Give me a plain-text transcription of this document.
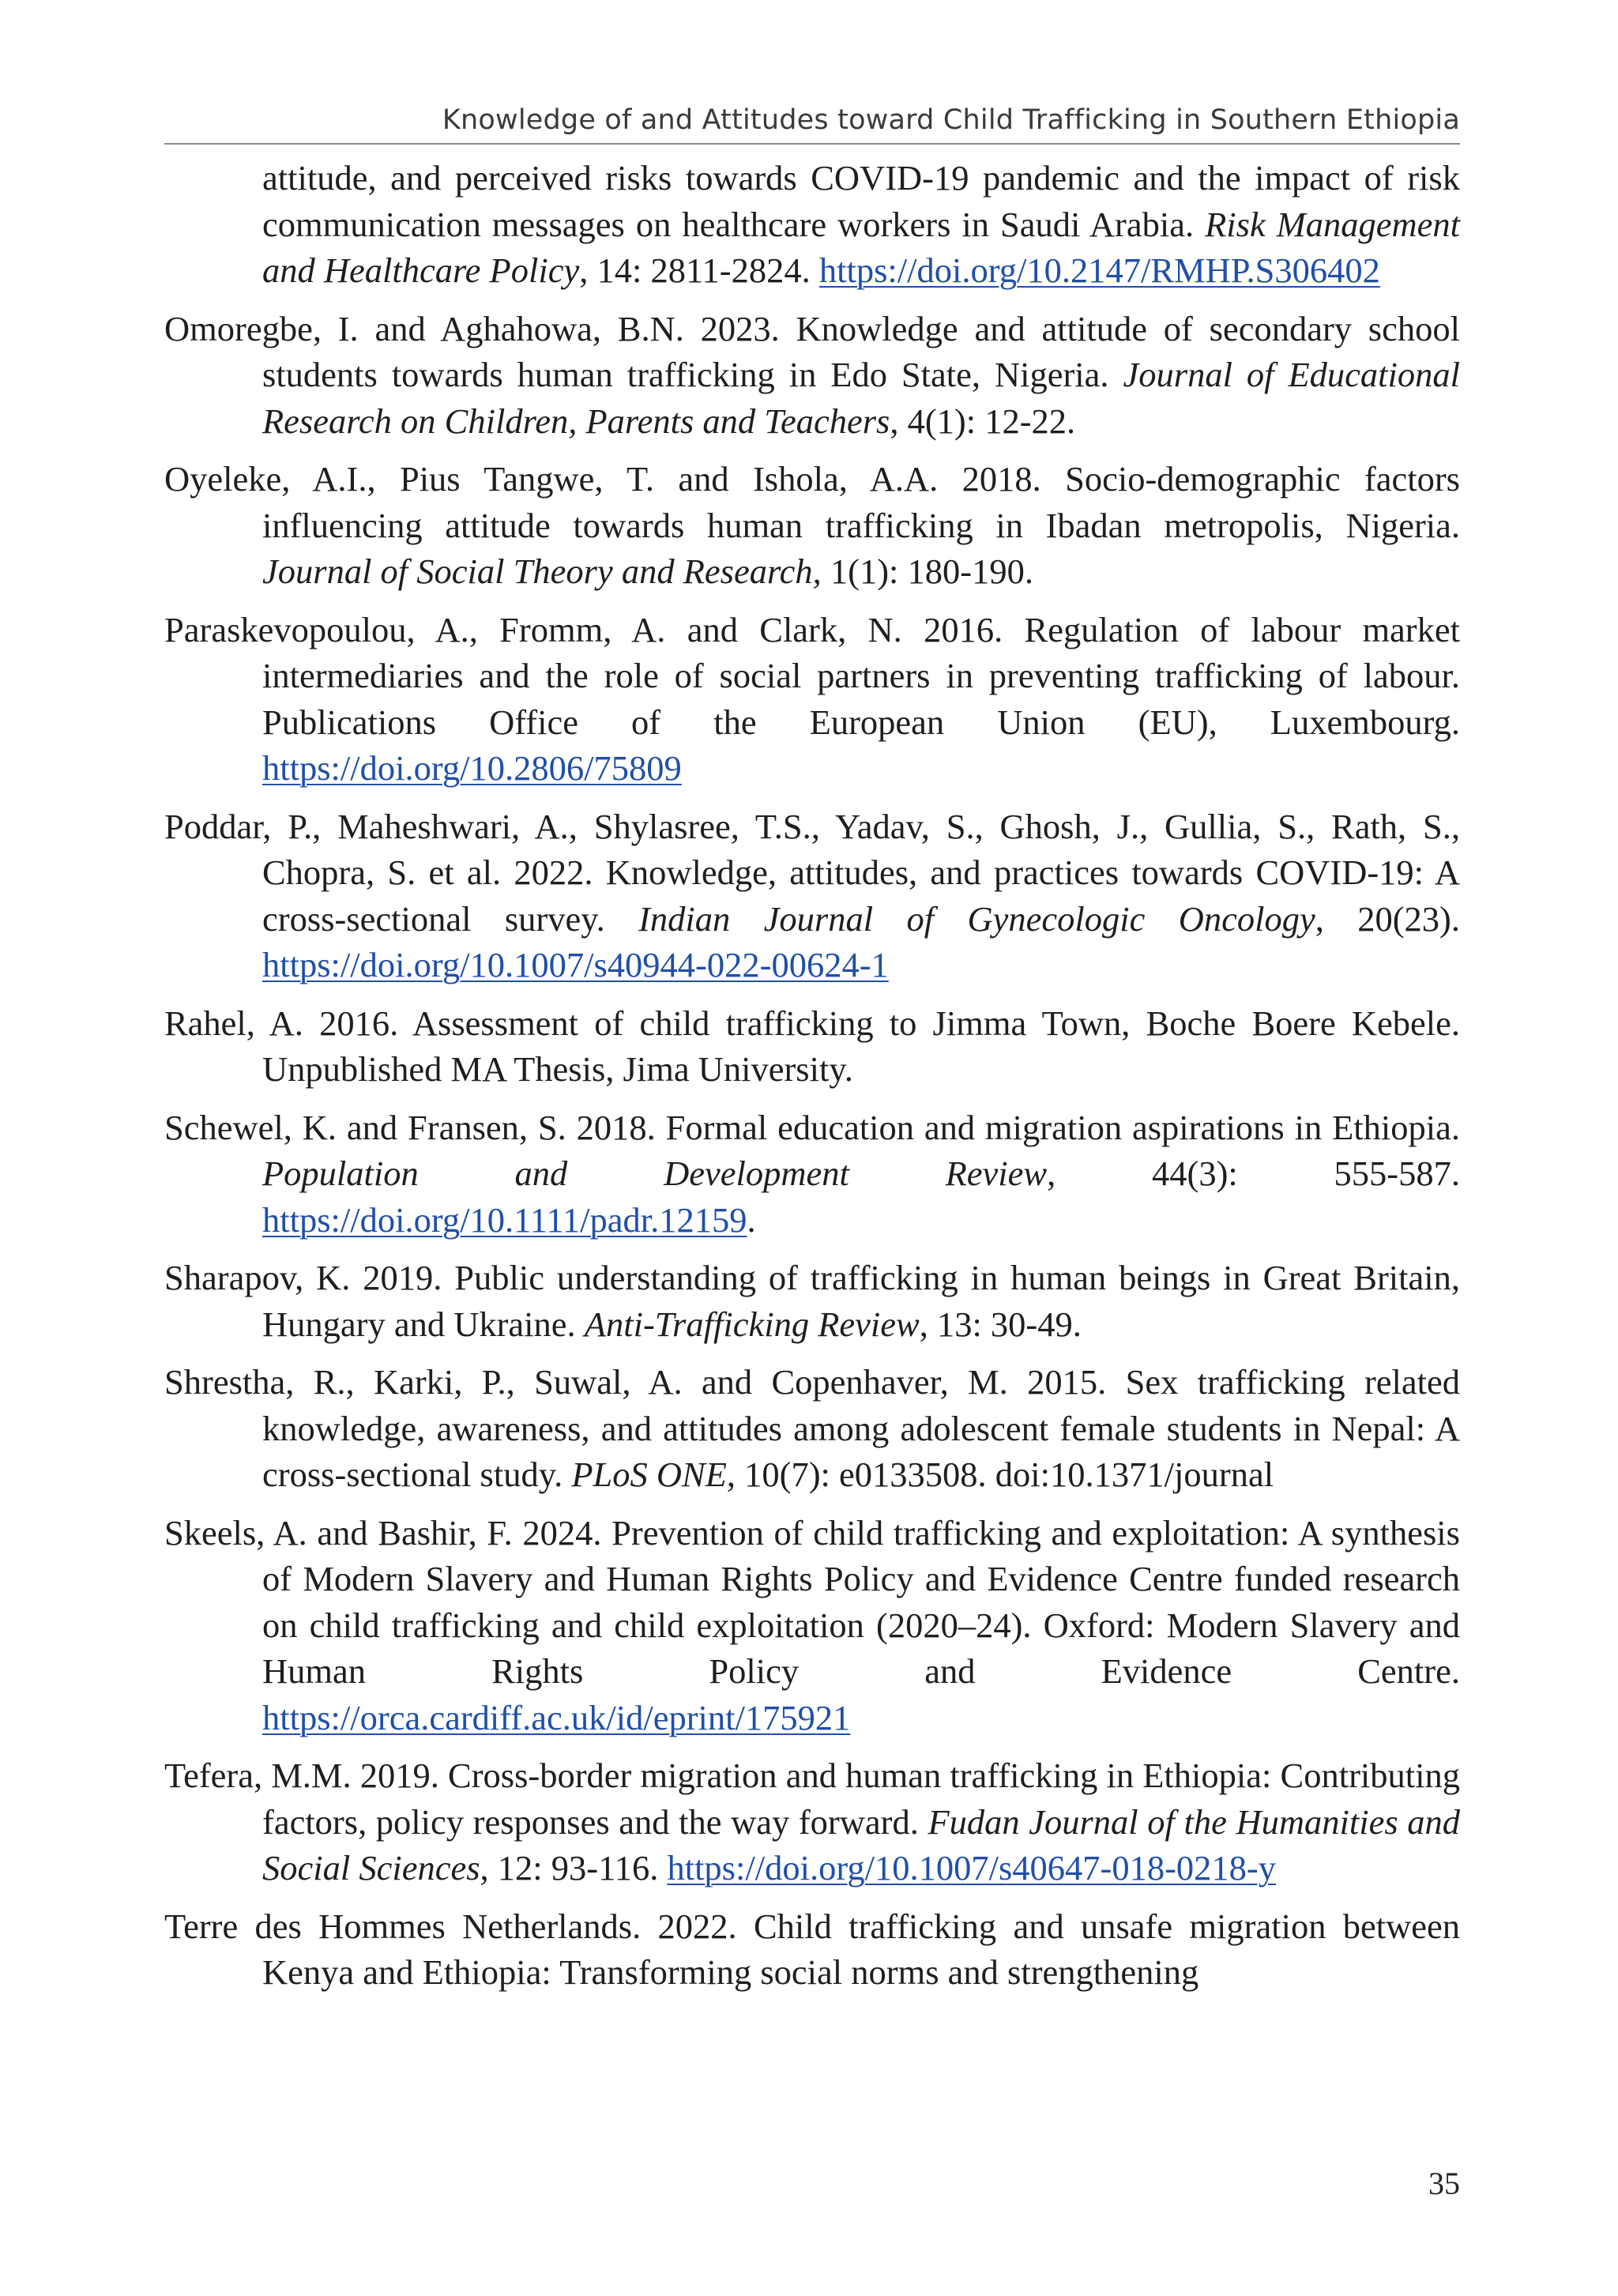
Knowledge of and Attitudes toward Child Trafficking in Southern Ethiopia

attitude, and perceived risks towards COVID-19 pandemic and the impact of risk communication messages on healthcare workers in Saudi Arabia. Risk Management and Healthcare Policy, 14: 2811-2824. https://doi.org/10.2147/RMHP.S306402

Omoregbe, I. and Aghahowa, B.N. 2023. Knowledge and attitude of secondary school students towards human trafficking in Edo State, Nigeria. Journal of Educational Research on Children, Parents and Teachers, 4(1): 12-22.

Oyeleke, A.I., Pius Tangwe, T. and Ishola, A.A. 2018. Socio-demographic factors influencing attitude towards human trafficking in Ibadan metropolis, Nigeria. Journal of Social Theory and Research, 1(1): 180-190.

Paraskevopoulou, A., Fromm, A. and Clark, N. 2016. Regulation of labour market intermediaries and the role of social partners in preventing trafficking of labour. Publications Office of the European Union (EU), Luxembourg. https://doi.org/10.2806/75809

Poddar, P., Maheshwari, A., Shylasree, T.S., Yadav, S., Ghosh, J., Gullia, S., Rath, S., Chopra, S. et al. 2022. Knowledge, attitudes, and practices towards COVID-19: A cross-sectional survey. Indian Journal of Gynecologic Oncology, 20(23). https://doi.org/10.1007/s40944-022-00624-1

Rahel, A. 2016. Assessment of child trafficking to Jimma Town, Boche Boere Kebele. Unpublished MA Thesis, Jima University.

Schewel, K. and Fransen, S. 2018. Formal education and migration aspirations in Ethiopia. Population and Development Review, 44(3): 555-587. https://doi.org/10.1111/padr.12159.

Sharapov, K. 2019. Public understanding of trafficking in human beings in Great Britain, Hungary and Ukraine. Anti-Trafficking Review, 13: 30-49.

Shrestha, R., Karki, P., Suwal, A. and Copenhaver, M. 2015. Sex trafficking related knowledge, awareness, and attitudes among adolescent female students in Nepal: A cross-sectional study. PLoS ONE, 10(7): e0133508. doi:10.1371/journal

Skeels, A. and Bashir, F. 2024. Prevention of child trafficking and exploitation: A synthesis of Modern Slavery and Human Rights Policy and Evidence Centre funded research on child trafficking and child exploitation (2020–24). Oxford: Modern Slavery and Human Rights Policy and Evidence Centre. https://orca.cardiff.ac.uk/id/eprint/175921

Tefera, M.M. 2019. Cross-border migration and human trafficking in Ethiopia: Contributing factors, policy responses and the way forward. Fudan Journal of the Humanities and Social Sciences, 12: 93-116. https://doi.org/10.1007/s40647-018-0218-y

Terre des Hommes Netherlands. 2022. Child trafficking and unsafe migration between Kenya and Ethiopia: Transforming social norms and strengthening

35
